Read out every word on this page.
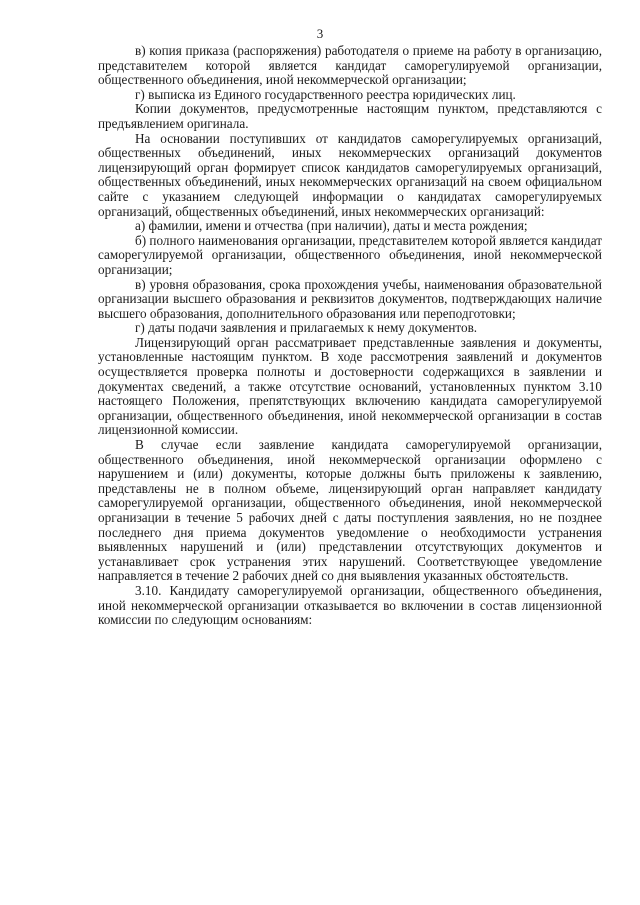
3

в) копия приказа (распоряжения) работодателя о приеме на работу в организацию, представителем которой является кандидат саморегулируемой организации, общественного объединения, иной некоммерческой организации;

г) выписка из Единого государственного реестра юридических лиц.

Копии документов, предусмотренные настоящим пунктом, представляются с предъявлением оригинала.

На основании поступивших от кандидатов саморегулируемых организаций, общественных объединений, иных некоммерческих организаций документов лицензирующий орган формирует список кандидатов саморегулируемых организаций, общественных объединений, иных некоммерческих организаций на своем официальном сайте с указанием следующей информации о кандидатах саморегулируемых организаций, общественных объединений, иных некоммерческих организаций:

а) фамилии, имени и отчества (при наличии), даты и места рождения;

б) полного наименования организации, представителем которой является кандидат саморегулируемой организации, общественного объединения, иной некоммерческой организации;

в) уровня образования, срока прохождения учебы, наименования образовательной организации высшего образования и реквизитов документов, подтверждающих наличие высшего образования, дополнительного образования или переподготовки;

г) даты подачи заявления и прилагаемых к нему документов.

Лицензирующий орган рассматривает представленные заявления и документы, установленные настоящим пунктом. В ходе рассмотрения заявлений и документов осуществляется проверка полноты и достоверности содержащихся в заявлении и документах сведений, а также отсутствие оснований, установленных пунктом 3.10 настоящего Положения, препятствующих включению кандидата саморегулируемой организации, общественного объединения, иной некоммерческой организации в состав лицензионной комиссии.

В случае если заявление кандидата саморегулируемой организации, общественного объединения, иной некоммерческой организации оформлено с нарушением и (или) документы, которые должны быть приложены к заявлению, представлены не в полном объеме, лицензирующий орган направляет кандидату саморегулируемой организации, общественного объединения, иной некоммерческой организации в течение 5 рабочих дней с даты поступления заявления, но не позднее последнего дня приема документов уведомление о необходимости устранения выявленных нарушений и (или) представлении отсутствующих документов и устанавливает срок устранения этих нарушений. Соответствующее уведомление направляется в течение 2 рабочих дней со дня выявления указанных обстоятельств.

3.10. Кандидату саморегулируемой организации, общественного объединения, иной некоммерческой организации отказывается во включении в состав лицензионной комиссии по следующим основаниям:
